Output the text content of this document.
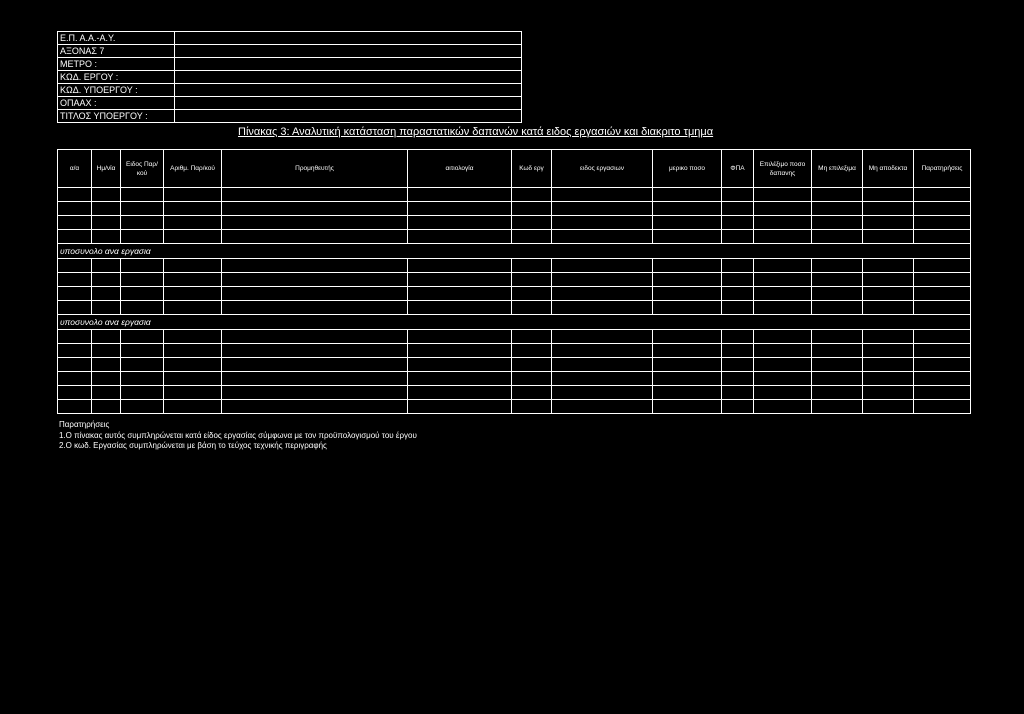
Ε.Π. Α.Α.-Α.Υ.	
ΑΞΟΝΑΣ 7	
ΜΕΤΡΟ :	
ΚΩΔ. ΕΡΓΟΥ :	
ΚΩΔ. ΥΠΟΕΡΓΟΥ :	
ΟΠΑΑΧ :	
ΤΙΤΛΟΣ ΥΠΟΕΡΓΟΥ :	
Πίνακας 3: Αναλυτική κατάσταση παραστατικών δαπανών κατά ειδος εργασιών και διακριτο τμημα
α/α	Ημ/νία	Ειδος Παρ/κού	Αριθμ. Παρ/κού	Προμηθευτής	αιτιολογία	Κωδ εργ	ειδος εργασιων	μερικο ποσο	ΦΠΑ	Επιλέξιμο ποσο δαπανης	Μη επιλεξιμα	Μη αποδεκτα	Παρατηρήσεις

υποσυνολο ανα εργασια													

υποσυνολο ανα εργασια													

Παρατηρήσεις
1.Ο πίνακας αυτός συμπληρώνεται κατά είδος εργασίας σύμφωνα με τον προϋπολογισμού του έργου
2.Ο κωδ. Εργασίας συμπληρώνεται με βάση το τεύχος τεχνικής περιγραφής
